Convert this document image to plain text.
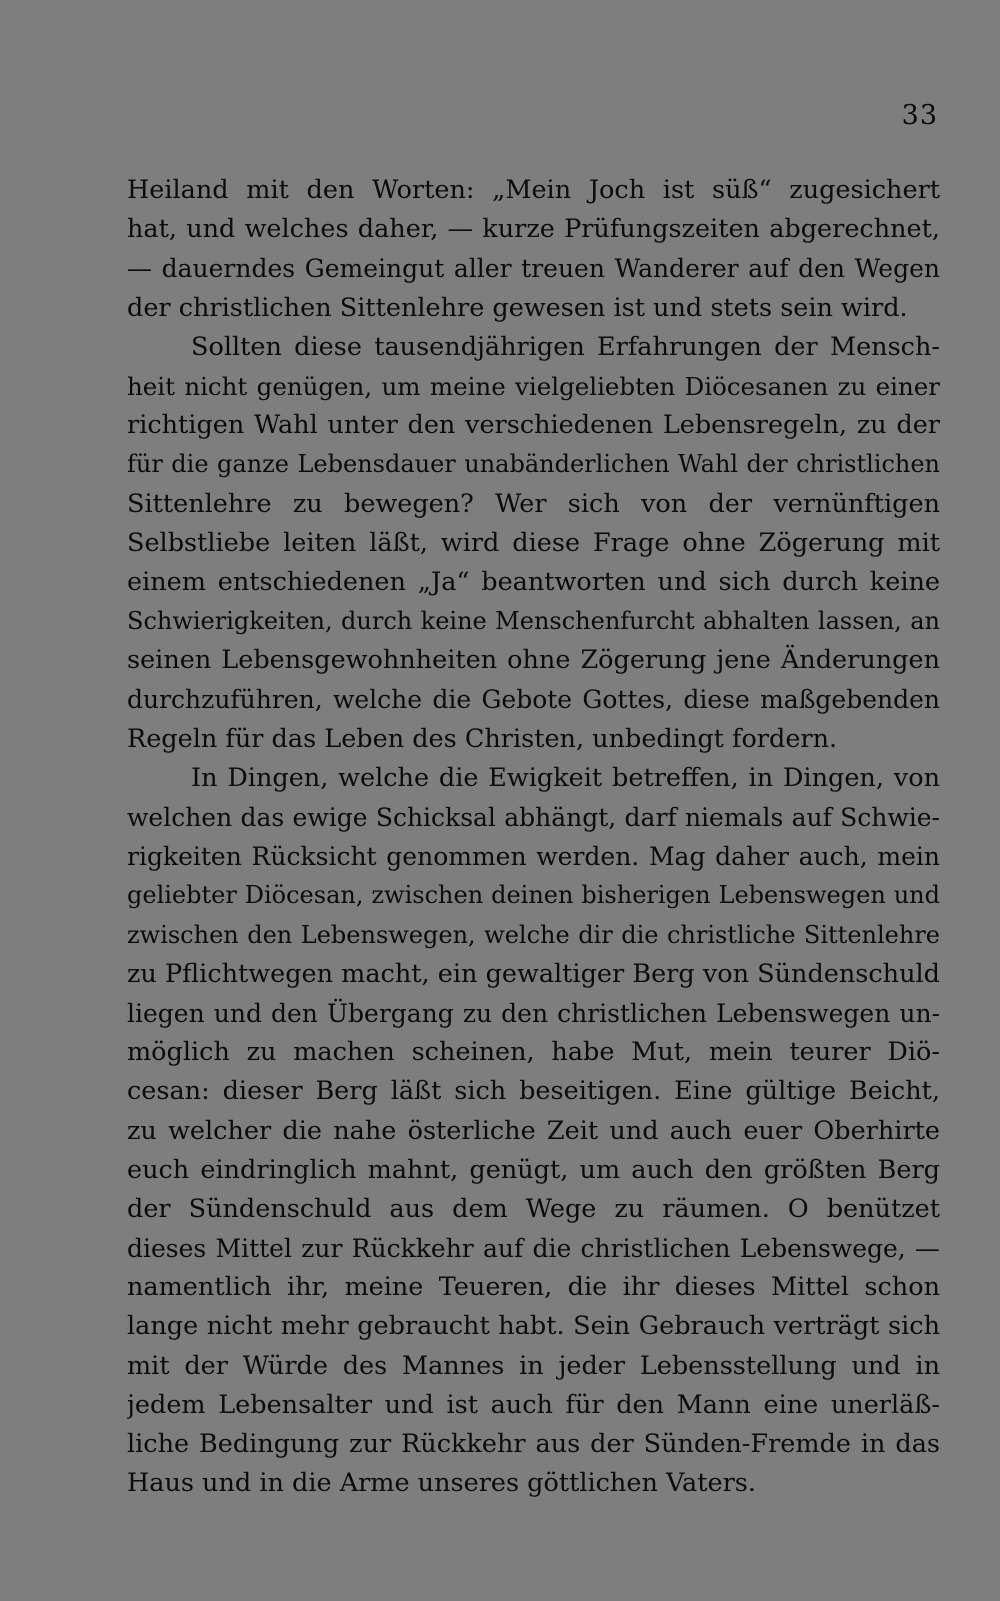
33
Heiland mit den Worten: „Mein Joch ist süß“ zugesichert
hat, und welches daher, — kurze Prüfungszeiten abgerechnet,
— dauerndes Gemeingut aller treuen Wanderer auf den Wegen
der christlichen Sittenlehre gewesen ist und stets sein wird.
Sollten diese tausendjährigen Erfahrungen der Mensch-
heit nicht genügen, um meine vielgeliebten Diöcesanen zu einer
richtigen Wahl unter den verschiedenen Lebensregeln, zu der
für die ganze Lebensdauer unabänderlichen Wahl der christlichen
Sittenlehre zu bewegen? Wer sich von der vernünftigen
Selbstliebe leiten läßt, wird diese Frage ohne Zögerung mit
einem entschiedenen „Ja“ beantworten und sich durch keine
Schwierigkeiten, durch keine Menschenfurcht abhalten lassen, an
seinen Lebensgewohnheiten ohne Zögerung jene Änderungen
durchzuführen, welche die Gebote Gottes, diese maßgebenden
Regeln für das Leben des Christen, unbedingt fordern.
In Dingen, welche die Ewigkeit betreffen, in Dingen, von
welchen das ewige Schicksal abhängt, darf niemals auf Schwie-
rigkeiten Rücksicht genommen werden. Mag daher auch, mein
geliebter Diöcesan, zwischen deinen bisherigen Lebenswegen und
zwischen den Lebenswegen, welche dir die christliche Sittenlehre
zu Pflichtwegen macht, ein gewaltiger Berg von Sündenschuld
liegen und den Übergang zu den christlichen Lebenswegen un-
möglich zu machen scheinen, habe Mut, mein teurer Diö-
cesan: dieser Berg läßt sich beseitigen. Eine gültige Beicht,
zu welcher die nahe österliche Zeit und auch euer Oberhirte
euch eindringlich mahnt, genügt, um auch den größten Berg
der Sündenschuld aus dem Wege zu räumen. O benützet
dieses Mittel zur Rückkehr auf die christlichen Lebenswege, —
namentlich ihr, meine Teueren, die ihr dieses Mittel schon
lange nicht mehr gebraucht habt. Sein Gebrauch verträgt sich
mit der Würde des Mannes in jeder Lebensstellung und in
jedem Lebensalter und ist auch für den Mann eine unerläß-
liche Bedingung zur Rückkehr aus der Sünden-Fremde in das
Haus und in die Arme unseres göttlichen Vaters.
